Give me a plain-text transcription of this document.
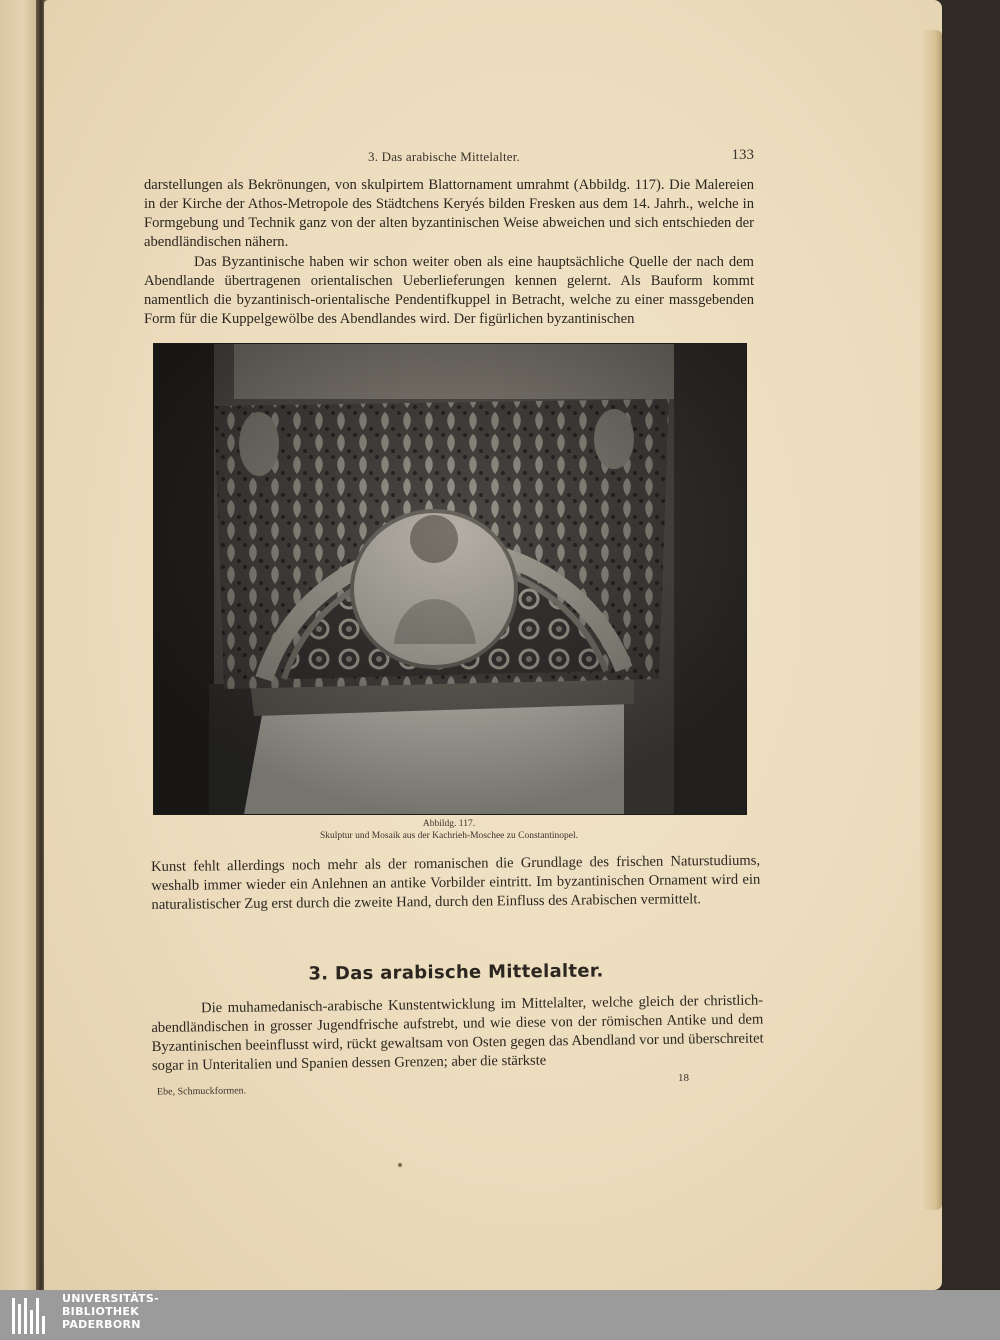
3. Das arabische Mittelalter.	133

darstellungen als Bekrönungen, von skulpirtem Blattornament umrahmt (Abbildg. 117). Die Malereien in der Kirche der Athos-Metropole des Städtchens Keryés bilden Fresken aus dem 14. Jahrh., welche in Formgebung und Technik ganz von der alten byzantinischen Weise abweichen und sich entschieden der abendländischen nähern.

Das Byzantinische haben wir schon weiter oben als eine hauptsächliche Quelle der nach dem Abendlande übertragenen orientalischen Ueberlieferungen kennen gelernt. Als Bauform kommt namentlich die byzantinisch-orientalische Pendentifkuppel in Betracht, welche zu einer massgebenden Form für die Kuppelgewölbe des Abendlandes wird. Der figürlichen byzantinischen

Abbildg. 117.
Skulptur und Mosaik aus der Kachrieh-Moschee zu Constantinopel.

Kunst fehlt allerdings noch mehr als der romanischen die Grundlage des frischen Naturstudiums, weshalb immer wieder ein Anlehnen an antike Vorbilder eintritt. Im byzantinischen Ornament wird ein naturalistischer Zug erst durch die zweite Hand, durch den Einfluss des Arabischen vermittelt.

3. Das arabische Mittelalter.

Die muhamedanisch-arabische Kunstentwicklung im Mittelalter, welche gleich der christlich-abendländischen in grosser Jugendfrische aufstrebt, und wie diese von der römischen Antike und dem Byzantinischen beeinflusst wird, rückt gewaltsam von Osten gegen das Abendland vor und überschreitet sogar in Unteritalien und Spanien dessen Grenzen; aber die stärkste

Ebe, Schmuckformen.
18
UNIVERSITÄTS-
BIBLIOTHEK
PADERBORN
